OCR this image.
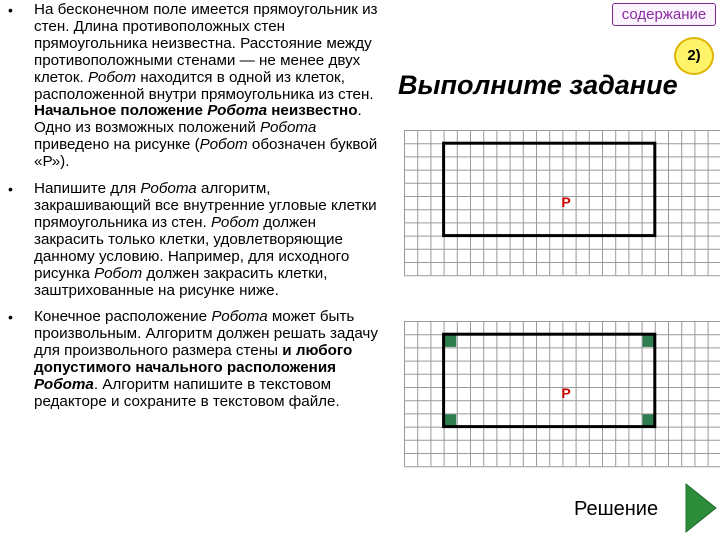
•	На бесконечном поле имеется прямоугольник из стен. Длина противоположных стен прямоугольника неизвестна. Расстояние между противоположными стенами — не менее двух клеток. Робот находится в одной из клеток, расположенной внутри прямоугольника из стен. Начальное положение Робота неизвестно. Одно из возможных положений Робота приведено на рисунке (Робот обозначен буквой «Р»).
•	Напишите для Робота алгоритм, закрашивающий все внутренние угловые клетки прямоугольника из стен. Робот должен закрасить только клетки, удовлетворяющие данному условию. Например, для исходного рисунка Робот должен закрасить клетки, заштрихованные на рисунке ниже.
•	Конечное расположение Робота может быть произвольным. Алгоритм должен решать задачу для произвольного размера стены и любого допустимого начального расположения Робота. Алгоритм напишите в текстовом редакторе и сохраните в текстовом файле.
содержание
2)
Выполните задание
Р
Р
Решение
